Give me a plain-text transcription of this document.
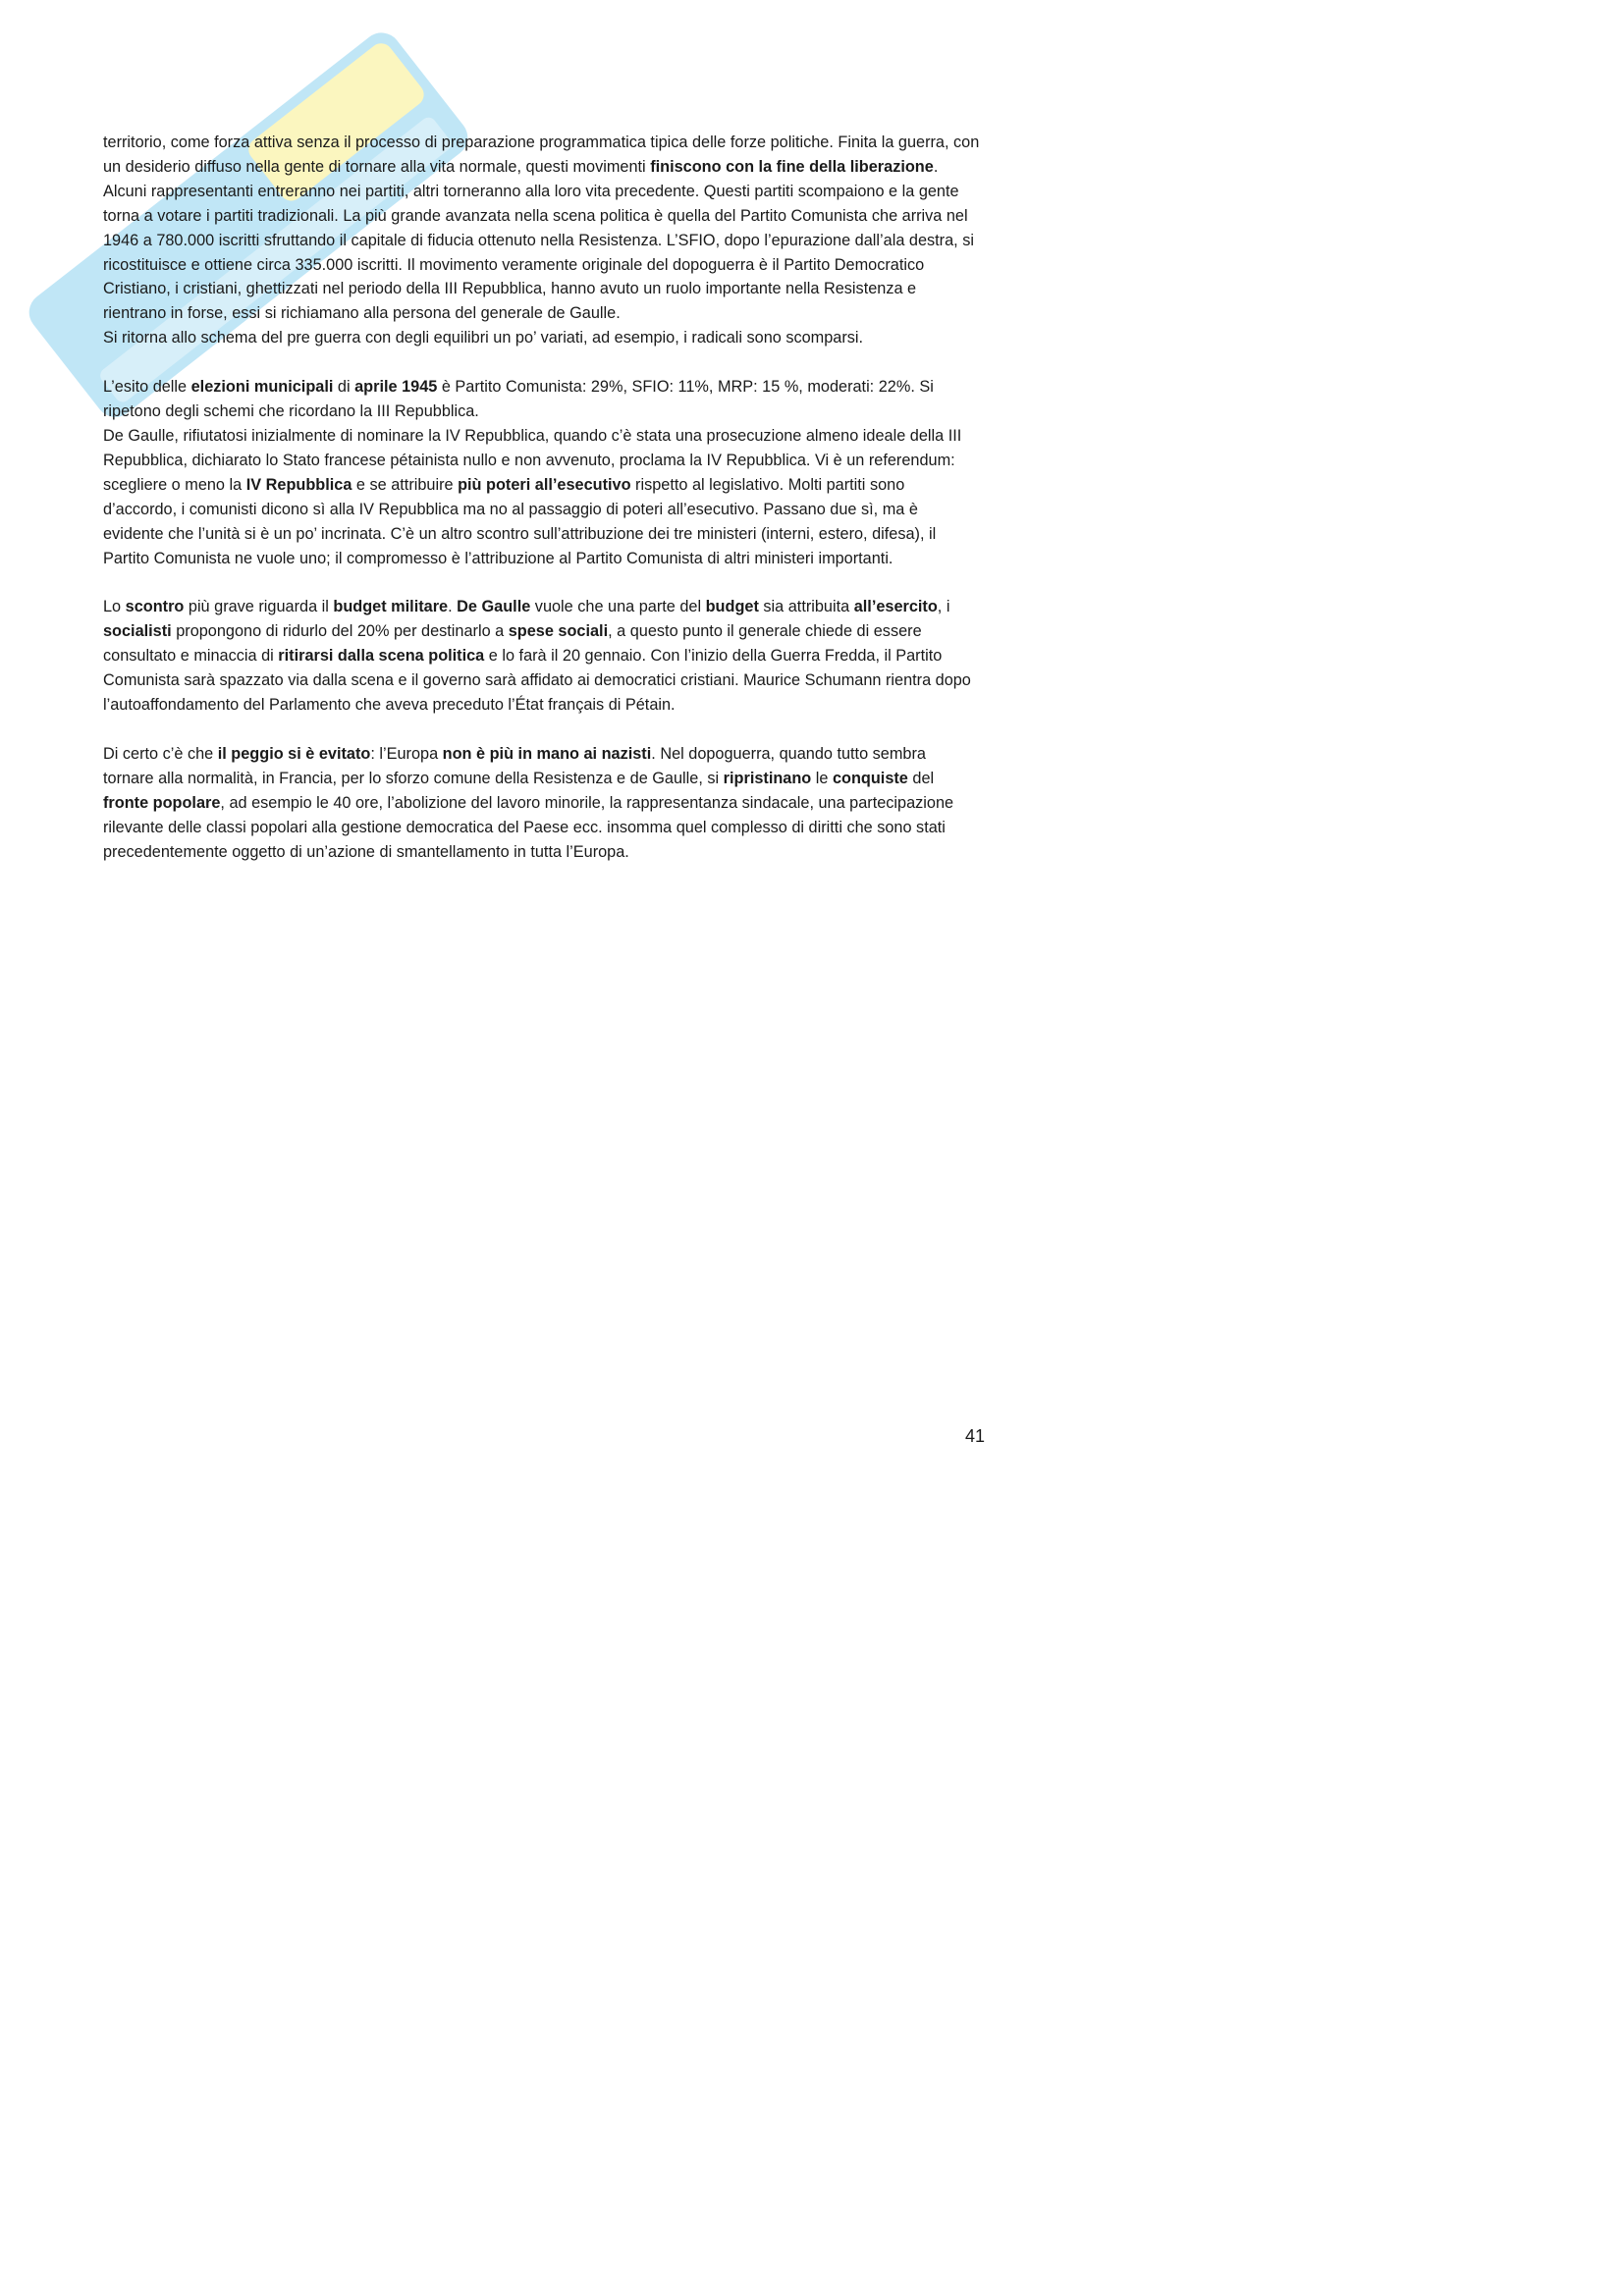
territorio, come forza attiva senza il processo di preparazione programmatica tipica delle forze politiche. Finita la guerra, con un desiderio diffuso nella gente di tornare alla vita normale, questi movimenti finiscono con la fine della liberazione. Alcuni rappresentanti entreranno nei partiti, altri torneranno alla loro vita precedente. Questi partiti scompaiono e la gente torna a votare i partiti tradizionali. La più grande avanzata nella scena politica è quella del Partito Comunista che arriva nel 1946 a 780.000 iscritti sfruttando il capitale di fiducia ottenuto nella Resistenza. L’SFIO, dopo l’epurazione dall’ala destra, si ricostituisce e ottiene circa 335.000 iscritti. Il movimento veramente originale del dopoguerra è il Partito Democratico Cristiano, i cristiani, ghettizzati nel periodo della III Repubblica, hanno avuto un ruolo importante nella Resistenza e rientrano in forse, essi si richiamano alla persona del generale de Gaulle.

Si ritorna allo schema del pre guerra con degli equilibri un po’ variati, ad esempio, i radicali sono scomparsi.

L’esito delle elezioni municipali di aprile 1945 è Partito Comunista: 29%, SFIO: 11%, MRP: 15 %, moderati: 22%. Si ripetono degli schemi che ricordano la III Repubblica.

De Gaulle, rifiutatosi inizialmente di nominare la IV Repubblica, quando c’è stata una prosecuzione almeno ideale della III Repubblica, dichiarato lo Stato francese pétainista nullo e non avvenuto, proclama la IV Repubblica. Vi è un referendum: scegliere o meno la IV Repubblica e se attribuire più poteri all’esecutivo rispetto al legislativo. Molti partiti sono d’accordo, i comunisti dicono sì alla IV Repubblica ma no al passaggio di poteri all’esecutivo. Passano due sì, ma è evidente che l’unità si è un po’ incrinata. C’è un altro scontro sull’attribuzione dei tre ministeri (interni, estero, difesa), il Partito Comunista ne vuole uno; il compromesso è l’attribuzione al Partito Comunista di altri ministeri importanti.

Lo scontro più grave riguarda il budget militare. De Gaulle vuole che una parte del budget sia attribuita all’esercito, i socialisti propongono di ridurlo del 20% per destinarlo a spese sociali, a questo punto il generale chiede di essere consultato e minaccia di ritirarsi dalla scena politica e lo farà il 20 gennaio. Con l’inizio della Guerra Fredda, il Partito Comunista sarà spazzato via dalla scena e il governo sarà affidato ai democratici cristiani. Maurice Schumann rientra dopo l’autoaffondamento del Parlamento che aveva preceduto l’État français di Pétain.

Di certo c’è che il peggio si è evitato: l’Europa non è più in mano ai nazisti. Nel dopoguerra, quando tutto sembra tornare alla normalità, in Francia, per lo sforzo comune della Resistenza e de Gaulle, si ripristinano le conquiste del fronte popolare, ad esempio le 40 ore, l’abolizione del lavoro minorile, la rappresentanza sindacale, una partecipazione rilevante delle classi popolari alla gestione democratica del Paese ecc. insomma quel complesso di diritti che sono stati precedentemente oggetto di un’azione di smantellamento in tutta l’Europa.

41
